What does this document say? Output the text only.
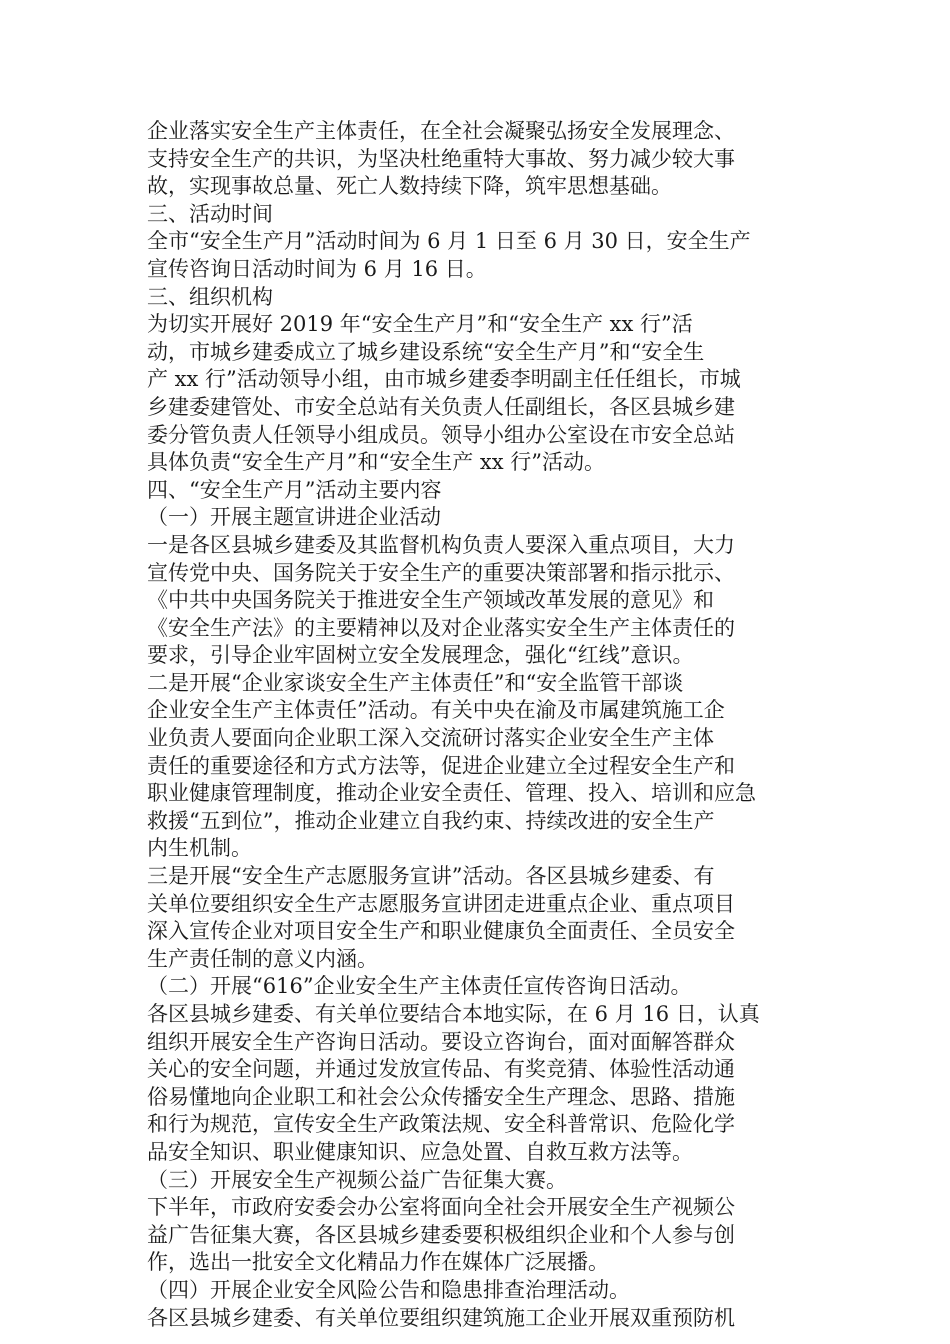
企业落实安全生产主体责任，在全社会凝聚弘扬安全发展理念、
支持安全生产的共识，为坚决杜绝重特大事故、努力减少较大事
故，实现事故总量、死亡人数持续下降，筑牢思想基础。
三、活动时间
全市“安全生产月”活动时间为 6 月 1 日至 6 月 30 日，安全生产
宣传咨询日活动时间为 6 月 16 日。
三、组织机构
为切实开展好 2019 年“安全生产月”和“安全生产 xx 行”活
动，市城乡建委成立了城乡建设系统“安全生产月”和“安全生
产 xx 行”活动领导小组，由市城乡建委李明副主任任组长，市城
乡建委建管处、市安全总站有关负责人任副组长，各区县城乡建
委分管负责人任领导小组成员。领导小组办公室设在市安全总站
具体负责“安全生产月”和“安全生产 xx 行”活动。
四、“安全生产月”活动主要内容
（一）开展主题宣讲进企业活动
一是各区县城乡建委及其监督机构负责人要深入重点项目，大力
宣传党中央、国务院关于安全生产的重要决策部署和指示批示、
《中共中央国务院关于推进安全生产领域改革发展的意见》和
《安全生产法》的主要精神以及对企业落实安全生产主体责任的
要求，引导企业牢固树立安全发展理念，强化“红线”意识。
二是开展“企业家谈安全生产主体责任”和“安全监管干部谈
企业安全生产主体责任”活动。有关中央在渝及市属建筑施工企
业负责人要面向企业职工深入交流研讨落实企业安全生产主体
责任的重要途径和方式方法等，促进企业建立全过程安全生产和
职业健康管理制度，推动企业安全责任、管理、投入、培训和应急
救援“五到位”，推动企业建立自我约束、持续改进的安全生产
内生机制。
三是开展“安全生产志愿服务宣讲”活动。各区县城乡建委、有
关单位要组织安全生产志愿服务宣讲团走进重点企业、重点项目
深入宣传企业对项目安全生产和职业健康负全面责任、全员安全
生产责任制的意义内涵。
（二）开展“616”企业安全生产主体责任宣传咨询日活动。
各区县城乡建委、有关单位要结合本地实际，在 6 月 16 日，认真
组织开展安全生产咨询日活动。要设立咨询台，面对面解答群众
关心的安全问题，并通过发放宣传品、有奖竞猜、体验性活动通
俗易懂地向企业职工和社会公众传播安全生产理念、思路、措施
和行为规范，宣传安全生产政策法规、安全科普常识、危险化学
品安全知识、职业健康知识、应急处置、自救互救方法等。
（三）开展安全生产视频公益广告征集大赛。
下半年，市政府安委会办公室将面向全社会开展安全生产视频公
益广告征集大赛，各区县城乡建委要积极组织企业和个人参与创
作，选出一批安全文化精品力作在媒体广泛展播。
（四）开展企业安全风险公告和隐患排查治理活动。
各区县城乡建委、有关单位要组织建筑施工企业开展双重预防机
